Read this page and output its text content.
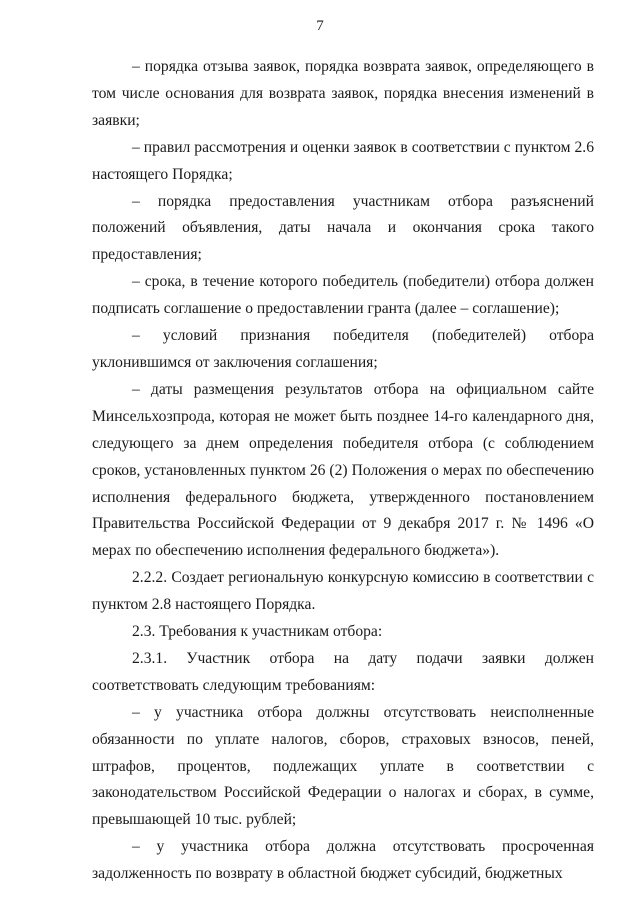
7

– порядка отзыва заявок, порядка возврата заявок, определяющего в том числе основания для возврата заявок, порядка внесения изменений в заявки;

– правил рассмотрения и оценки заявок в соответствии с пунктом 2.6 настоящего Порядка;

– порядка предоставления участникам отбора разъяснений положений объявления, даты начала и окончания срока такого предоставления;

– срока, в течение которого победитель (победители) отбора должен подписать соглашение о предоставлении гранта (далее – соглашение);

– условий признания победителя (победителей) отбора уклонившимся от заключения соглашения;

– даты размещения результатов отбора на официальном сайте Минсельхозпрода, которая не может быть позднее 14-го календарного дня, следующего за днем определения победителя отбора (с соблюдением сроков, установленных пунктом 26 (2) Положения о мерах по обеспечению исполнения федерального бюджета, утвержденного постановлением Правительства Российской Федерации от 9 декабря 2017 г. № 1496 «О мерах по обеспечению исполнения федерального бюджета»).

2.2.2. Создает региональную конкурсную комиссию в соответствии с пунктом 2.8 настоящего Порядка.

2.3. Требования к участникам отбора:

2.3.1. Участник отбора на дату подачи заявки должен соответствовать следующим требованиям:

– у участника отбора должны отсутствовать неисполненные обязанности по уплате налогов, сборов, страховых взносов, пеней, штрафов, процентов, подлежащих уплате в соответствии с законодательством Российской Федерации о налогах и сборах, в сумме, превышающей 10 тыс. рублей;

– у участника отбора должна отсутствовать просроченная задолженность по возврату в областной бюджет субсидий, бюджетных
